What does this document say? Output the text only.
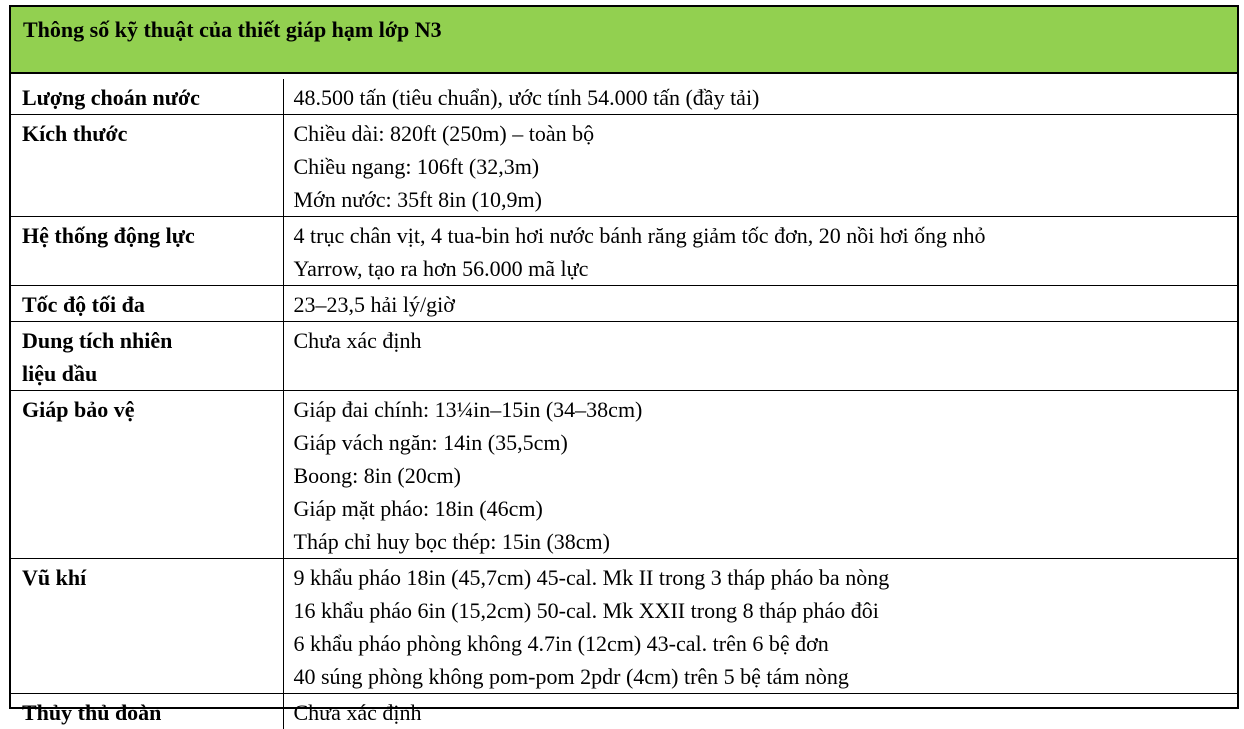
Thông số kỹ thuật của thiết giáp hạm lớp N3
Lượng choán nước	48.500 tấn (tiêu chuẩn), ước tính 54.000 tấn (đầy tải)

Kích thước	Chiều dài: 820ft (250m) – toàn bộ
Chiều ngang: 106ft (32,3m)
Mớn nước: 35ft 8in (10,9m)

Hệ thống động lực	4 trục chân vịt, 4 tua-bin hơi nước bánh răng giảm tốc đơn, 20 nồi hơi ống nhỏ
Yarrow, tạo ra hơn 56.000 mã lực

Tốc độ tối đa	23–23,5 hải lý/giờ

Dung tích nhiên
liệu dầu	Chưa xác định

Giáp bảo vệ	Giáp đai chính: 13¼in–15in (34–38cm)
Giáp vách ngăn: 14in (35,5cm)
Boong: 8in (20cm)
Giáp mặt pháo: 18in (46cm)
Tháp chỉ huy bọc thép: 15in (38cm)

Vũ khí	9 khẩu pháo 18in (45,7cm) 45-cal. Mk II trong 3 tháp pháo ba nòng
16 khẩu pháo 6in (15,2cm) 50-cal. Mk XXII trong 8 tháp pháo đôi
6 khẩu pháo phòng không 4.7in (12cm) 43-cal. trên 6 bệ đơn
40 súng phòng không pom-pom 2pdr (4cm) trên 5 bệ tám nòng

Thủy thủ đoàn	Chưa xác định
